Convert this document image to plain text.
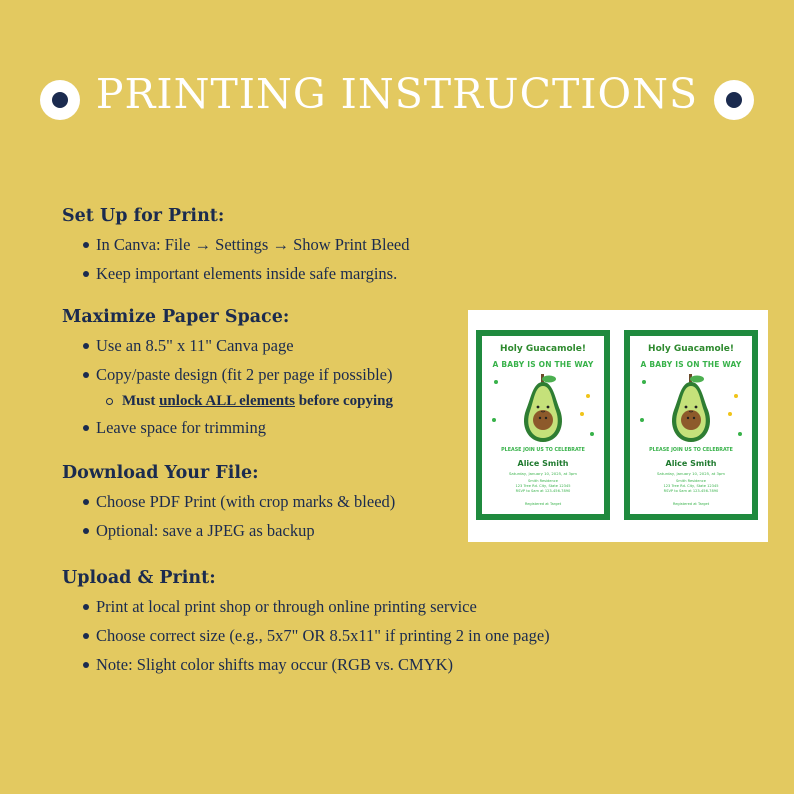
PRINTING INSTRUCTIONS
Set Up for Print:
In Canva: File → Settings → Show Print Bleed
Keep important elements inside safe margins.
Maximize Paper Space:
Use an 8.5" x 11" Canva page
Copy/paste design (fit 2 per page if possible)
Must unlock ALL elements before copying
Leave space for trimming
Download Your File:
Choose PDF Print (with crop marks & bleed)
Optional: save a JPEG as backup
Upload & Print:
Print at local print shop or through online printing service
Choose correct size (e.g., 5x7" OR 8.5x11" if printing 2 in one page)
Note: Slight color shifts may occur (RGB vs. CMYK)
Holy Guacamole!
A BABY IS ON THE WAY
PLEASE JOIN US TO CELEBRATE
Alice Smith
Saturday, January 10, 2025, at 3pm
Smith Residence
123 Tree Rd. City, State 12345
RSVP to Sam at 123-456-7890
Registered at Target
Holy Guacamole!
A BABY IS ON THE WAY
PLEASE JOIN US TO CELEBRATE
Alice Smith
Saturday, January 10, 2025, at 3pm
Smith Residence
123 Tree Rd. City, State 12345
RSVP to Sam at 123-456-7890
Registered at Target
